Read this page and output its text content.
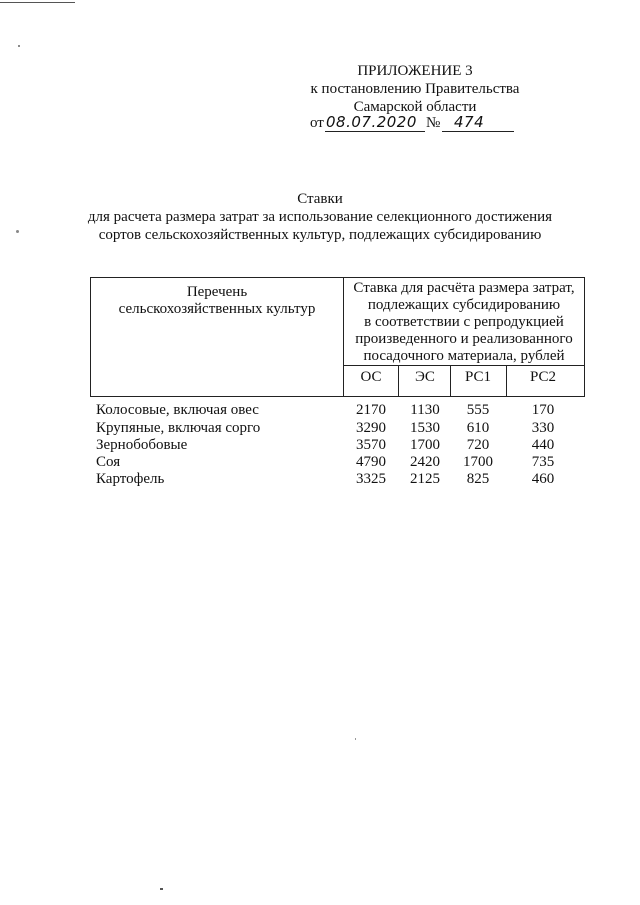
ПРИЛОЖЕНИЕ 3
к постановлению Правительства
Самарской области
от 08.07.2020 № 474
Ставки
для расчета размера затрат за использование селекционного достижения
сортов сельскохозяйственных культур, подлежащих субсидированию
Перечень
сельскохозяйственных культур
Ставка для расчёта размера затрат,
подлежащих субсидированию
в соответствии с репродукцией
произведенного и реализованного
посадочного материала, рублей
ОС	ЭС	РС1	РС2
Колосовые, включая овес	2170	1130	555	170
Крупяные, включая сорго	3290	1530	610	330
Зернобобовые	3570	1700	720	440
Соя	4790	2420	1700	735
Картофель	3325	2125	825	460
